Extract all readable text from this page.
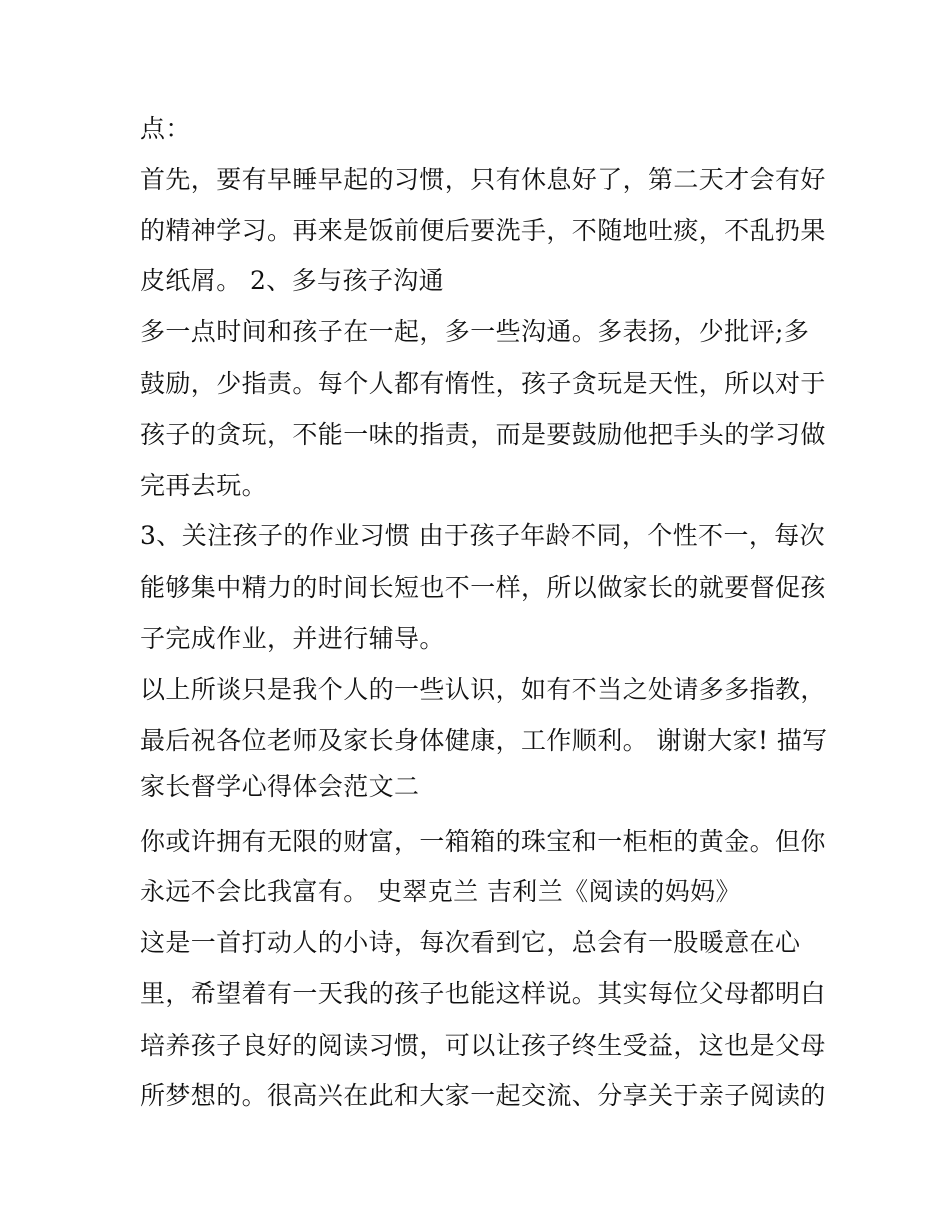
点：
首先，要有早睡早起的习惯，只有休息好了，第二天才会有好
的精神学习。再来是饭前便后要洗手，不随地吐痰，不乱扔果
皮纸屑。 2、多与孩子沟通
多一点时间和孩子在一起，多一些沟通。多表扬，少批评;多
鼓励，少指责。每个人都有惰性，孩子贪玩是天性，所以对于
孩子的贪玩，不能一味的指责，而是要鼓励他把手头的学习做
完再去玩。
3、关注孩子的作业习惯 由于孩子年龄不同，个性不一，每次
能够集中精力的时间长短也不一样，所以做家长的就要督促孩
子完成作业，并进行辅导。
以上所谈只是我个人的一些认识，如有不当之处请多多指教，
最后祝各位老师及家长身体健康，工作顺利。 谢谢大家! 描写
家长督学心得体会范文二
你或许拥有无限的财富，一箱箱的珠宝和一柜柜的黄金。但你
永远不会比我富有。 史翠克兰 吉利兰《阅读的妈妈》
这是一首打动人的小诗，每次看到它，总会有一股暖意在心
里，希望着有一天我的孩子也能这样说。其实每位父母都明白
培养孩子良好的阅读习惯，可以让孩子终生受益，这也是父母
所梦想的。很高兴在此和大家一起交流、分享关于亲子阅读的
